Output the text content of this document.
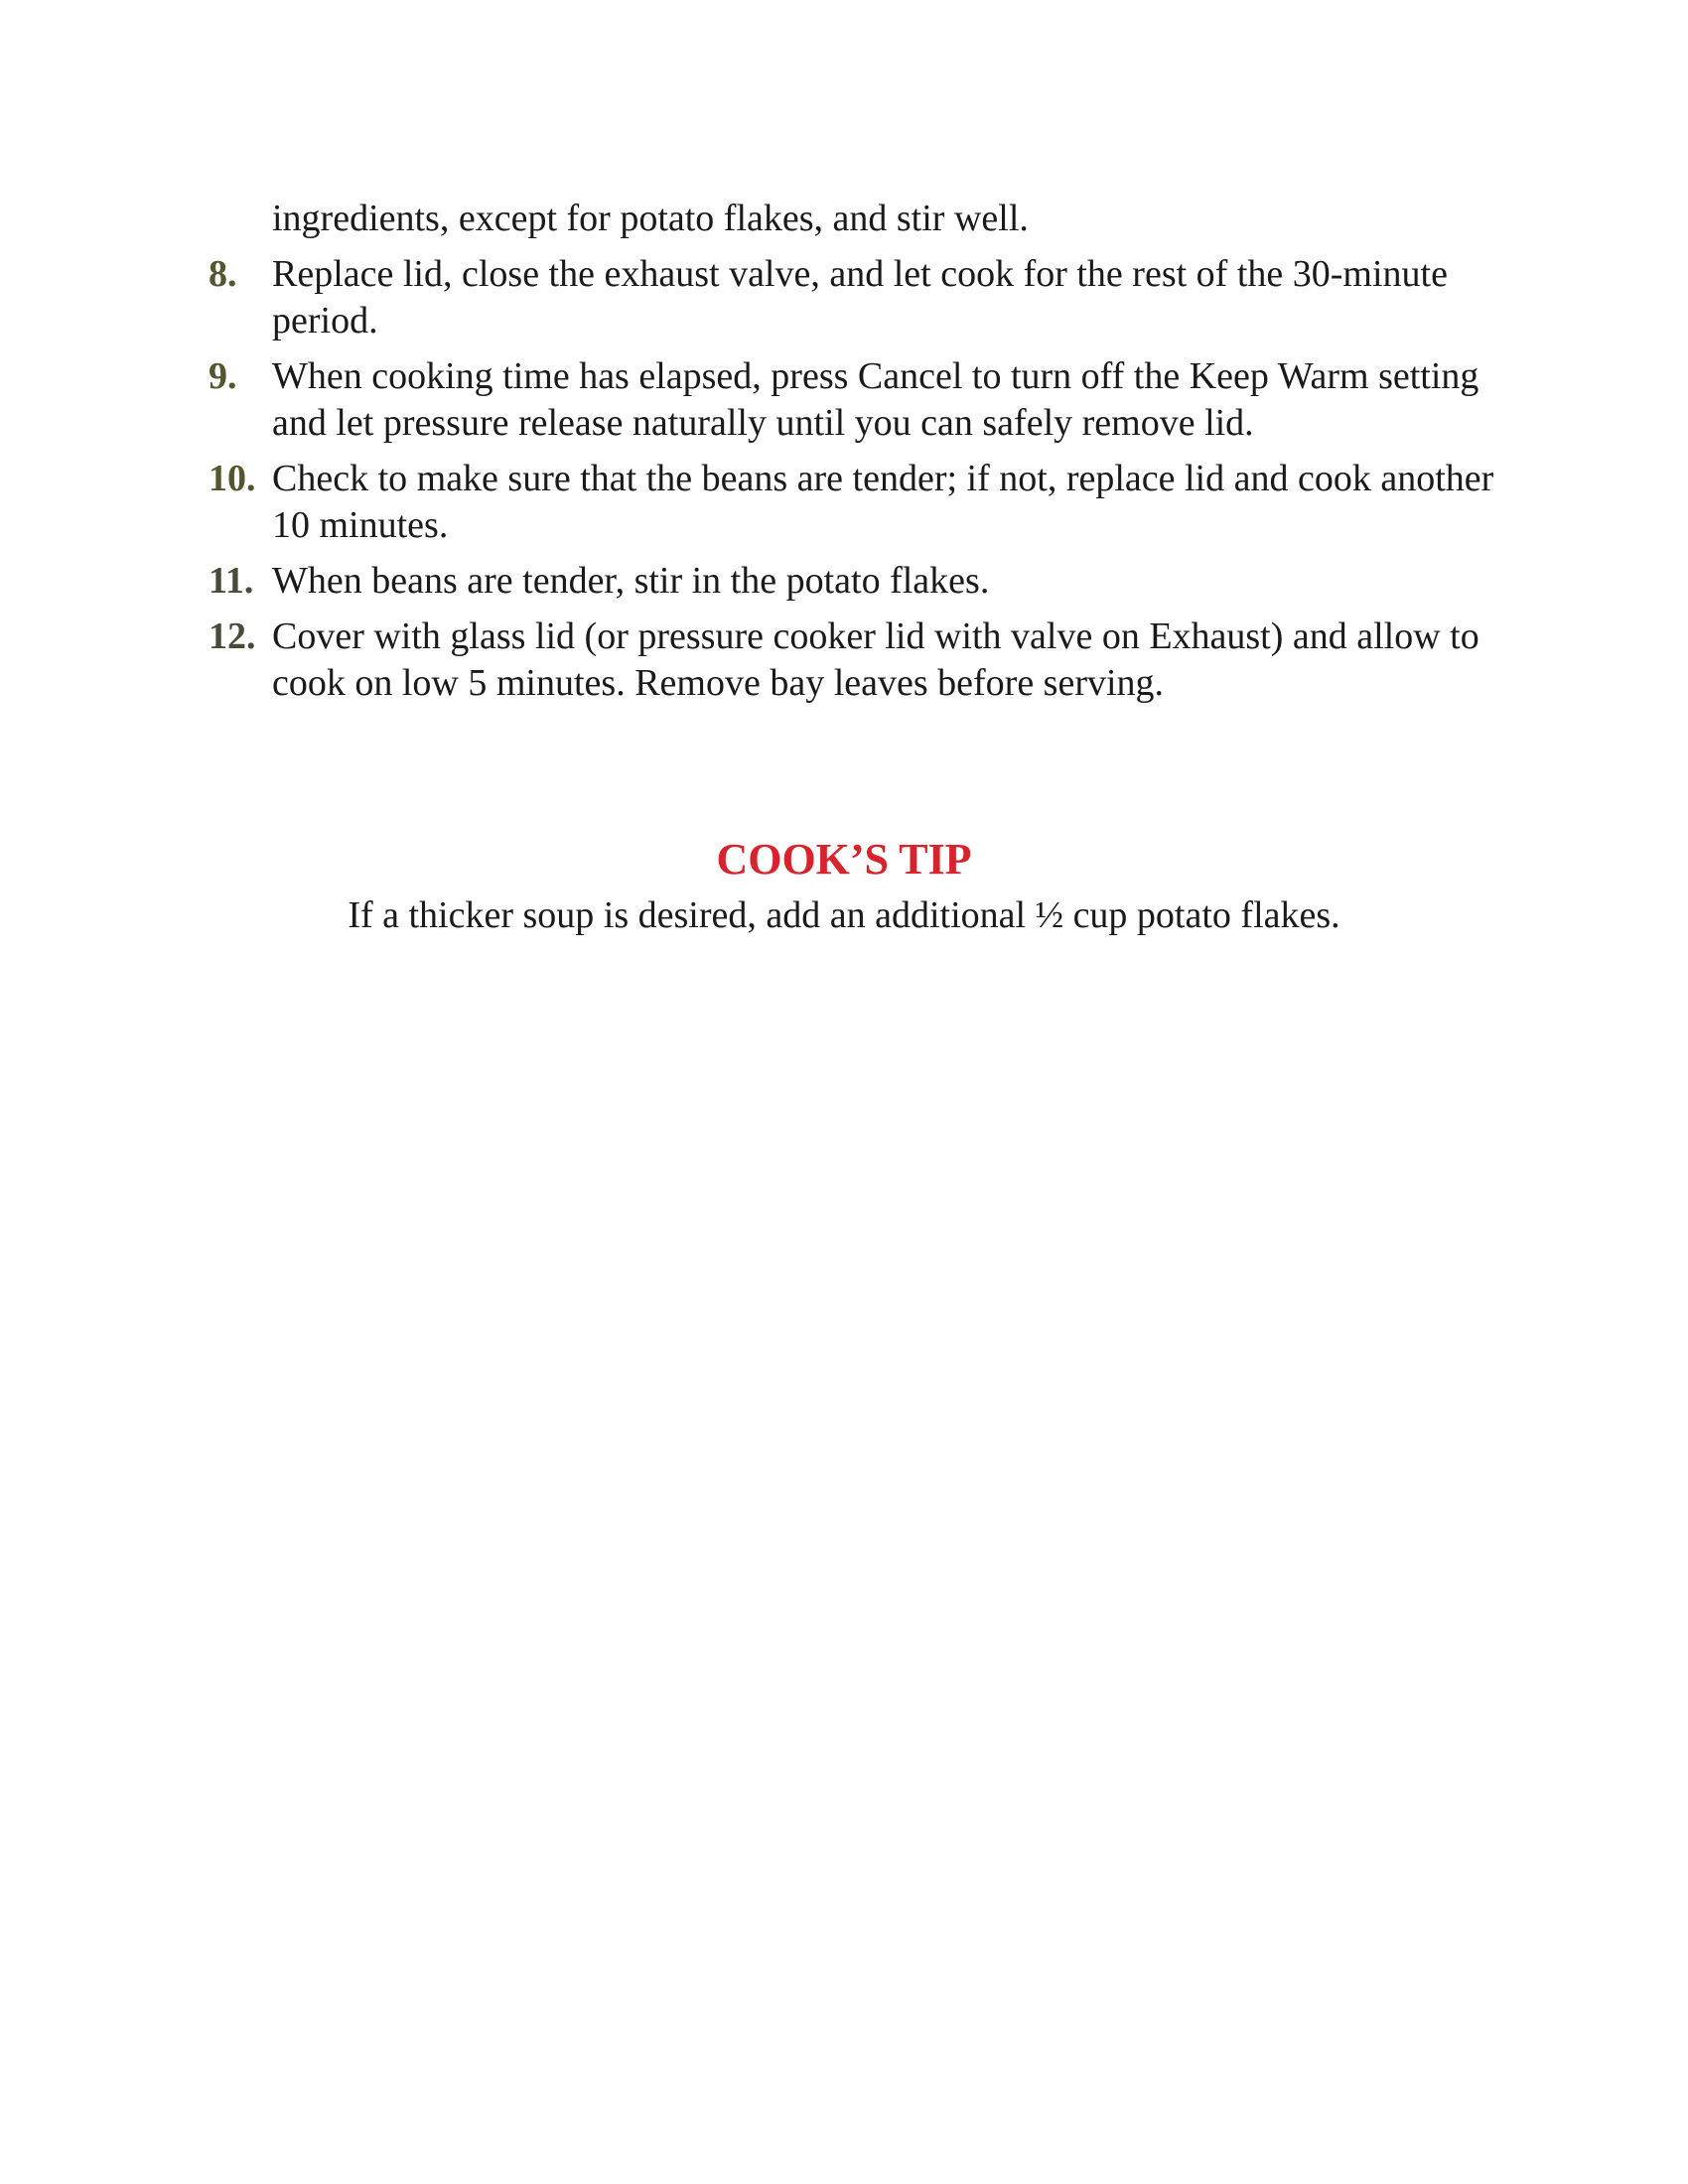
ingredients, except for potato flakes, and stir well.
8. Replace lid, close the exhaust valve, and let cook for the rest of the 30-minute period.
9. When cooking time has elapsed, press Cancel to turn off the Keep Warm setting and let pressure release naturally until you can safely remove lid.
10. Check to make sure that the beans are tender; if not, replace lid and cook another 10 minutes.
11. When beans are tender, stir in the potato flakes.
12. Cover with glass lid (or pressure cooker lid with valve on Exhaust) and allow to cook on low 5 minutes. Remove bay leaves before serving.
COOK’S TIP
If a thicker soup is desired, add an additional ½ cup potato flakes.
